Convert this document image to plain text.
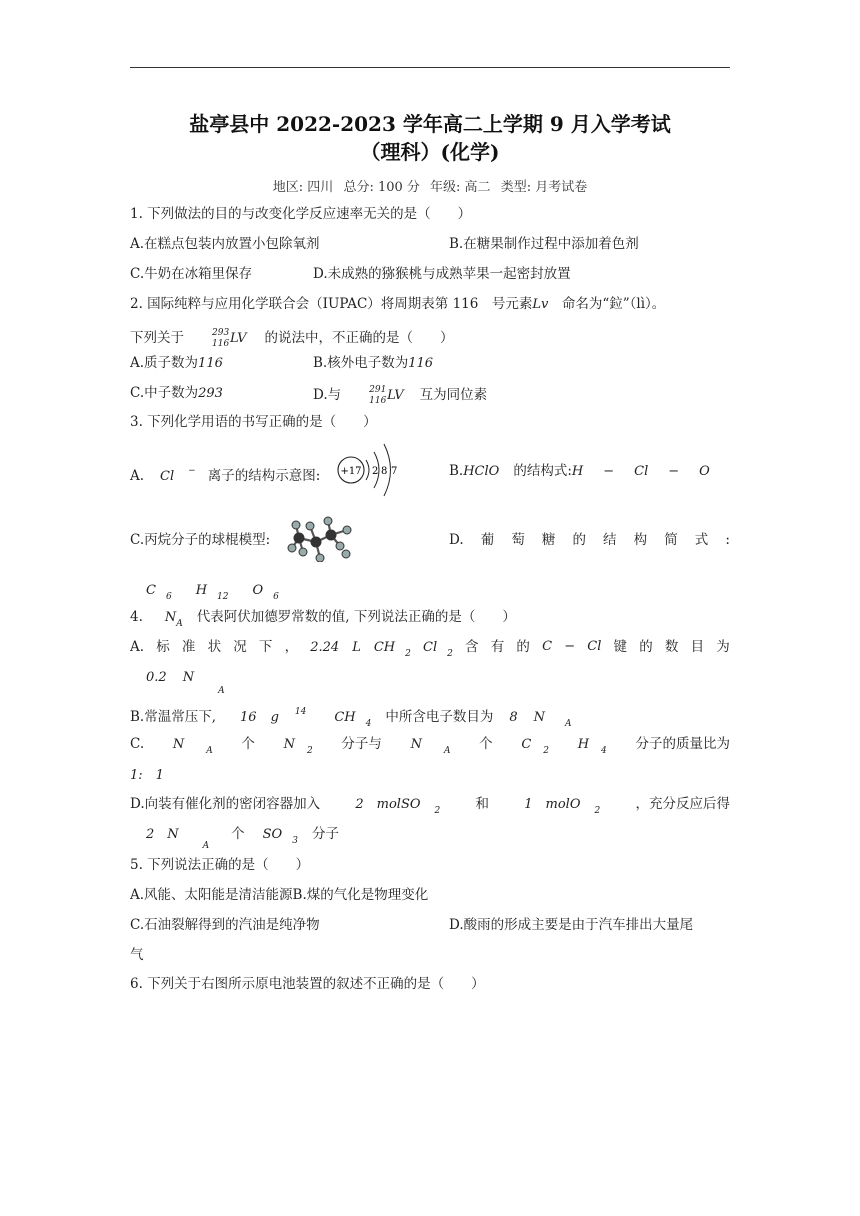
盐亭县中 2022-2023 学年高二上学期 9 月入学考试
（理科）(化学)
地区: 四川 总分: 100 分 年级: 高二 类型: 月考试卷
1. 下列做法的目的与改变化学反应速率无关的是（　　）
A.在糕点包装内放置小包除氧剂	B.在糖果制作过程中添加着色剂
C.牛奶在冰箱里保存	D.未成熟的猕猴桃与成熟苹果一起密封放置
2. 国际纯粹与应用化学联合会（IUPAC）将周期表第 116　号元素Lv　命名为“鉝”（lì）。
下列关于	293
116 LV 的说法中，不正确的是（　　）
A.质子数为116	B.核外电子数为116
C.中子数为293	D.与	291
116 LV 互为同位素
3. 下列化学用语的书写正确的是（　　）
A. Cl − 离子的结构示意图: +17 2 8 7	B.HClO 的结构式:H − Cl − O
C.丙烷分子的球棍模型:	D. 葡 萄 糖 的 结 构 简 式 :
C $_6$ H $_{12}$ O $_6$
4. $N_A$ 代表阿伏加德罗常数的值, 下列说法正确的是（　　）
A. 标 准 状 况 下 ， 2.24　L　CH 2 Cl 2 含 有 的 C − Cl 键 的 数 目 为
0.2 $N_A$
B.常温常压下, 16 g $^{14}$ CH $_4$ 中所含电子数目为 8 N $_A$
C. N A 个 N 2 分子与 N A 个 C 2 H 4 分子的质量比为
1:　1
D.向装有催化剂的密闭容器加入	2　molSO 2	和	1　molO 2	，充分反应后得
2　$N_A$个 SO $_3$ 分子
5. 下列说法正确的是（　　）
A.风能、太阳能是清洁能源B.煤的气化是物理变化
C.石油裂解得到的汽油是纯净物	D.酸雨的形成主要是由于汽车排出大量尾
气
6. 下列关于右图所示原电池装置的叙述不正确的是（　　）
